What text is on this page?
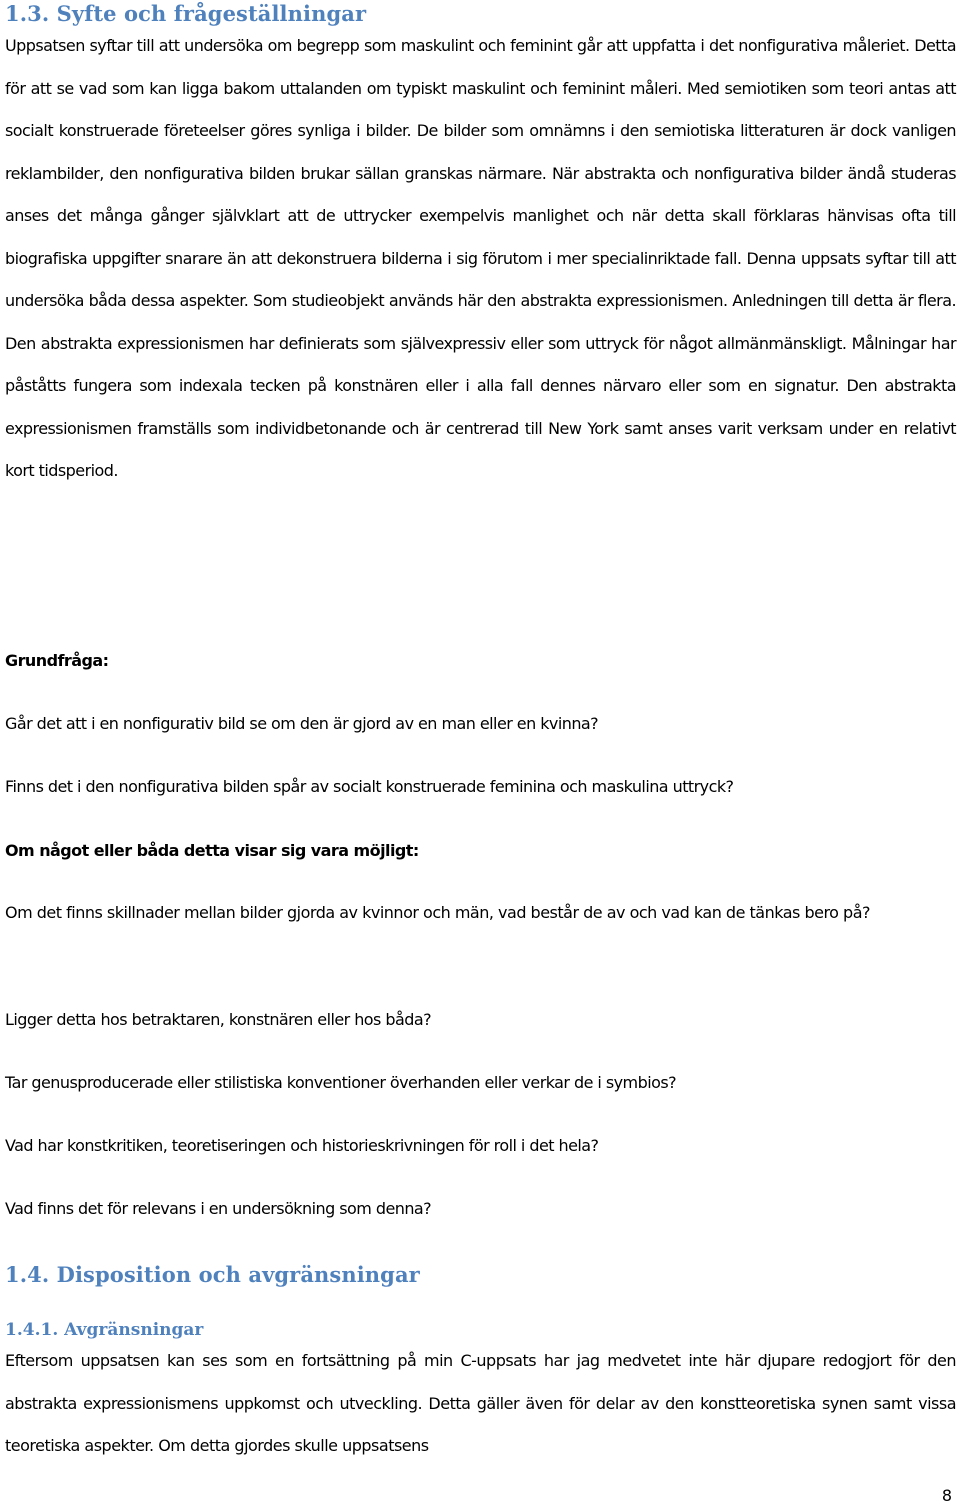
1.3. Syfte och frågeställningar

Uppsatsen syftar till att undersöka om begrepp som maskulint och feminint går att uppfatta i det nonfigurativa måleriet. Detta för att se vad som kan ligga bakom uttalanden om typiskt maskulint och feminint måleri. Med semiotiken som teori antas att socialt konstruerade företeelser göres synliga i bilder. De bilder som omnämns i den semiotiska litteraturen är dock vanligen reklambilder, den nonfigurativa bilden brukar sällan granskas närmare. När abstrakta och nonfigurativa bilder ändå studeras anses det många gånger självklart att de uttrycker exempelvis manlighet och när detta skall förklaras hänvisas ofta till biografiska uppgifter snarare än att dekonstruera bilderna i sig förutom i mer specialinriktade fall. Denna uppsats syftar till att undersöka båda dessa aspekter. Som studieobjekt används här den abstrakta expressionismen. Anledningen till detta är flera. Den abstrakta expressionismen har definierats som självexpressiv eller som uttryck för något allmänmänskligt. Målningar har påståtts fungera som indexala tecken på konstnären eller i alla fall dennes närvaro eller som en signatur. Den abstrakta expressionismen framställs som individbetonande och är centrerad till New York samt anses varit verksam under en relativt kort tidsperiod.

Grundfråga:
Går det att i en nonfigurativ bild se om den är gjord av en man eller en kvinna?
Finns det i den nonfigurativa bilden spår av socialt konstruerade feminina och maskulina uttryck?
Om något eller båda detta visar sig vara möjligt:

Om det finns skillnader mellan bilder gjorda av kvinnor och män, vad består de av och vad kan de tänkas bero på?

Ligger detta hos betraktaren, konstnären eller hos båda?
Tar genusproducerade eller stilistiska konventioner överhanden eller verkar de i symbios?
Vad har konstkritiken, teoretiseringen och historieskrivningen för roll i det hela?
Vad finns det för relevans i en undersökning som denna?
1.4. Disposition och avgränsningar
1.4.1. Avgränsningar

Eftersom uppsatsen kan ses som en fortsättning på min C-uppsats har jag medvetet inte här djupare redogjort för den abstrakta expressionismens uppkomst och utveckling. Detta gäller även för delar av den konstteoretiska synen samt vissa teoretiska aspekter. Om detta gjordes skulle uppsatsens

8
